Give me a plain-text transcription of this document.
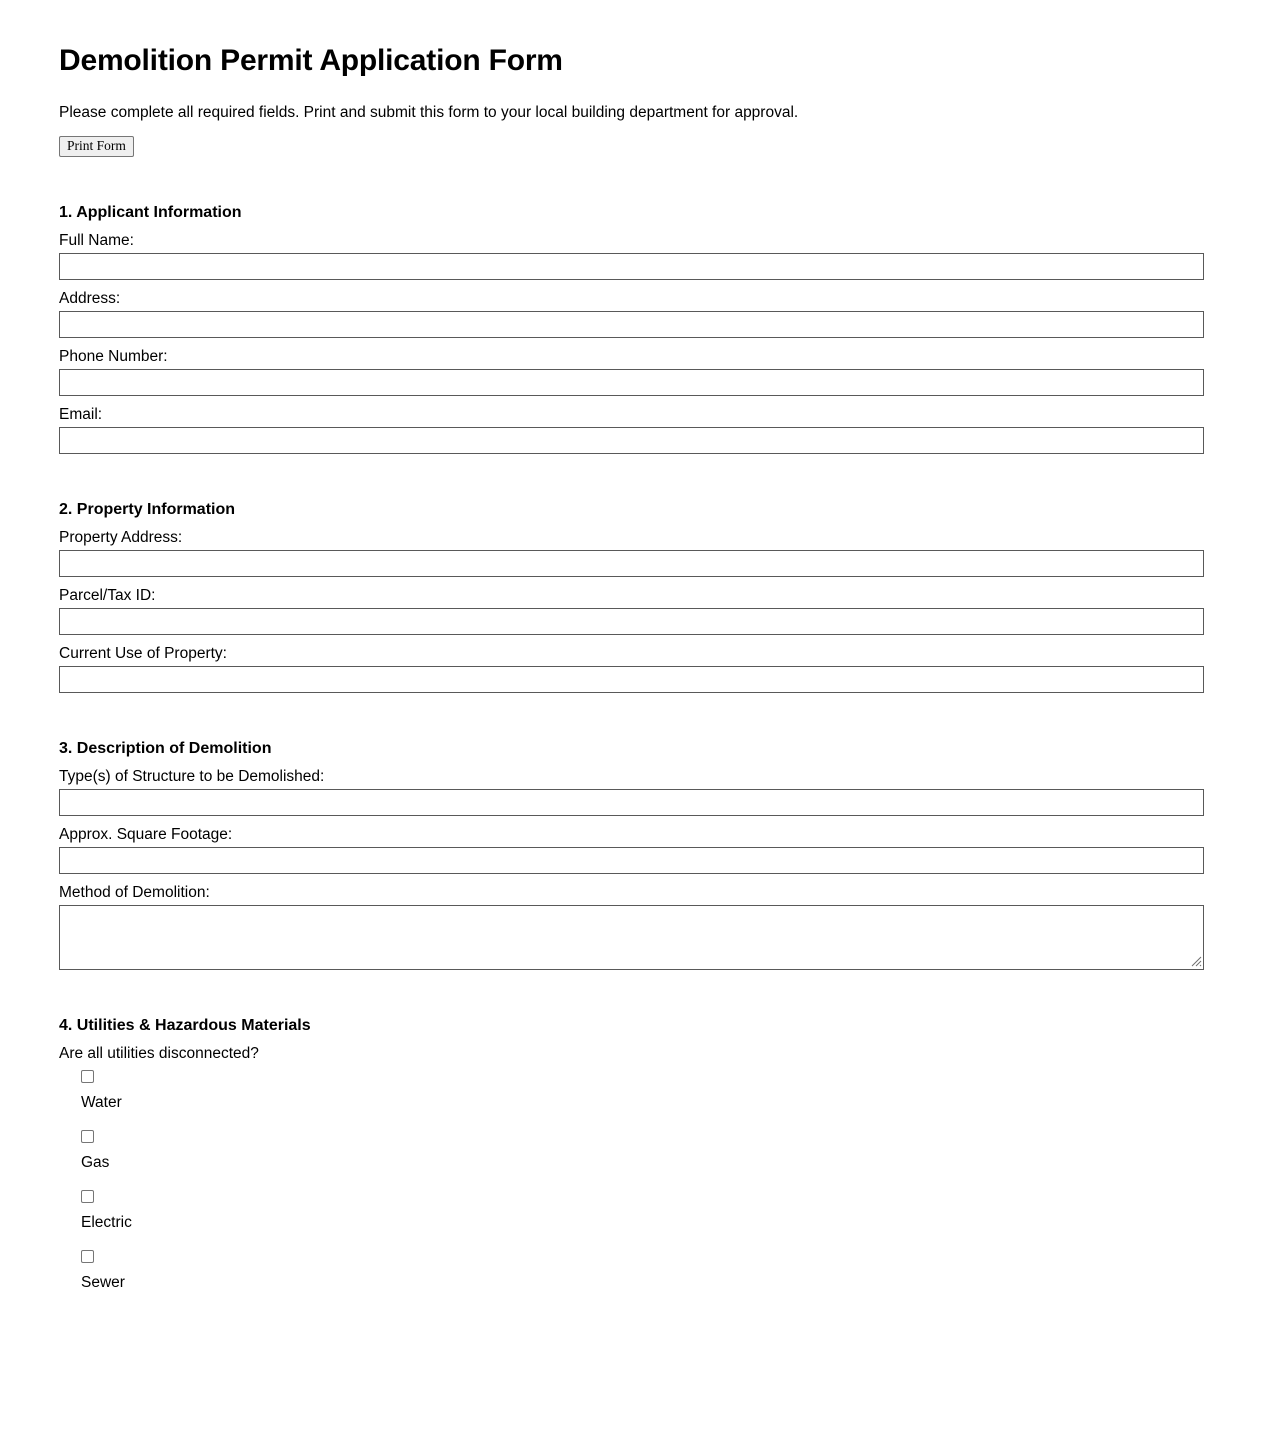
Demolition Permit Application Form

Please complete all required fields. Print and submit this form to your local building department for approval.

Print Form
1. Applicant Information
Full Name:
Address:
Phone Number:
Email:
2. Property Information
Property Address:
Parcel/Tax ID:
Current Use of Property:
3. Description of Demolition
Type(s) of Structure to be Demolished:
Approx. Square Footage:
Method of Demolition:
4. Utilities & Hazardous Materials
Are all utilities disconnected?
Water
Gas
Electric
Sewer
